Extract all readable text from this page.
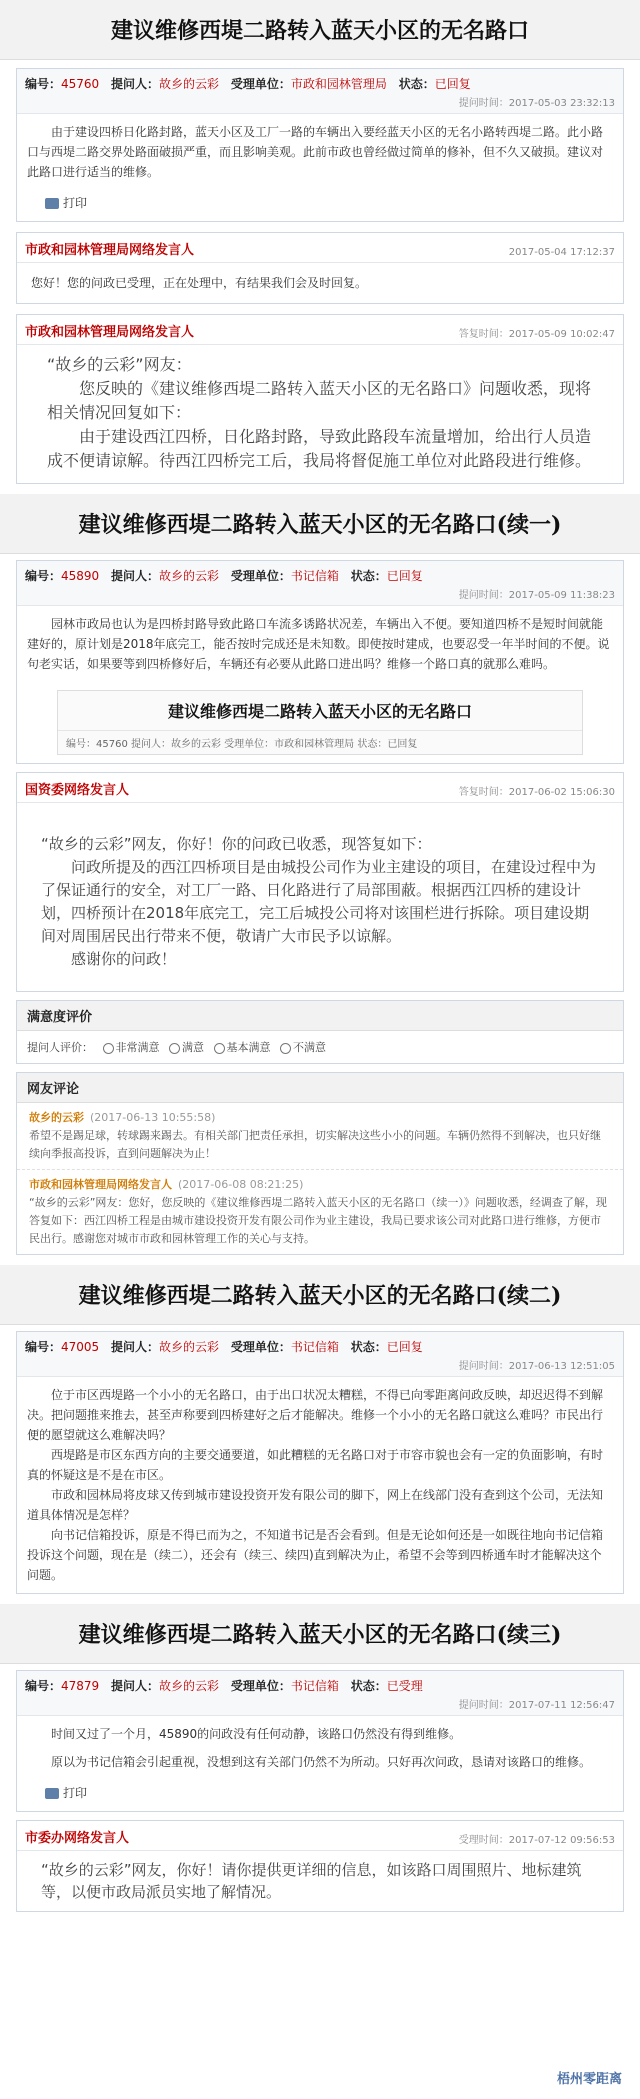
建议维修西堤二路转入蓝天小区的无名路口
编号：45760 提问人：故乡的云彩 受理单位：市政和园林管理局 状态：已回复
提问时间：2017-05-03 23:32:13
由于建设四桥日化路封路，蓝天小区及工厂一路的车辆出入要经蓝天小区的无名小路转西堤二路。此小路口与西堤二路交界处路面破损严重，而且影响美观。此前市政也曾经做过简单的修补，但不久又破损。建议对此路口进行适当的维修。
打印
市政和园林管理局网络发言人	2017-05-04 17:12:37
您好！您的问政已受理，正在处理中，有结果我们会及时回复。
市政和园林管理局网络发言人	答复时间：2017-05-09 10:02:47

“故乡的云彩”网友：

您反映的《建议维修西堤二路转入蓝天小区的无名路口》问题收悉，现将相关情况回复如下：

由于建设西江四桥，日化路封路，导致此路段车流量增加，给出行人员造成不便请谅解。待西江四桥完工后，我局将督促施工单位对此路段进行维修。

建议维修西堤二路转入蓝天小区的无名路口(续一)
编号：45890 提问人：故乡的云彩 受理单位：书记信箱 状态：已回复
提问时间：2017-05-09 11:38:23
园林市政局也认为是四桥封路导致此路口车流多诱路状况差，车辆出入不便。要知道四桥不是短时间就能建好的，原计划是2018年底完工，能否按时完成还是未知数。即使按时建成，也要忍受一年半时间的不便。说句老实话，如果要等到四桥修好后，车辆还有必要从此路口进出吗？维修一个路口真的就那么难吗。
建议维修西堤二路转入蓝天小区的无名路口
编号：45760 提问人：故乡的云彩 受理单位：市政和园林管理局 状态：已回复
国资委网络发言人	答复时间：2017-06-02 15:06:30

“故乡的云彩”网友，你好！你的问政已收悉，现答复如下：

问政所提及的西江四桥项目是由城投公司作为业主建设的项目，在建设过程中为了保证通行的安全，对工厂一路、日化路进行了局部围蔽。根据西江四桥的建设计划，四桥预计在2018年底完工，完工后城投公司将对该围栏进行拆除。项目建设期间对周围居民出行带来不便，敬请广大市民予以谅解。

感谢你的问政！

满意度评价
提问人评价： 非常满意 满意 基本满意 不满意
网友评论
故乡的云彩 (2017-06-13 10:55:58)
希望不是踢足球，转球踢来踢去。有相关部门把责任承担，切实解决这些小小的问题。车辆仍然得不到解决，也只好继续向季报高投诉，直到问题解决为止！
市政和园林管理局网络发言人 (2017-06-08 08:21:25)
“故乡的云彩”网友：您好，您反映的《建议维修西堤二路转入蓝天小区的无名路口（续一）》问题收悉，经调查了解，现答复如下：西江四桥工程是由城市建设投资开发有限公司作为业主建设，我局已要求该公司对此路口进行维修，方便市民出行。感谢您对城市市政和园林管理工作的关心与支持。
建议维修西堤二路转入蓝天小区的无名路口(续二)
编号：47005 提问人：故乡的云彩 受理单位：书记信箱 状态：已回复
提问时间：2017-06-13 12:51:05
位于市区西堤路一个小小的无名路口，由于出口状况太糟糕，不得已向零距离问政反映，却迟迟得不到解决。把问题推来推去，甚至声称要到四桥建好之后才能解决。维修一个小小的无名路口就这么难吗？市民出行便的愿望就这么难解决吗？
西堤路是市区东西方向的主要交通要道，如此糟糕的无名路口对于市容市貌也会有一定的负面影响，有时真的怀疑这是不是在市区。
市政和园林局将皮球又传到城市建设投资开发有限公司的脚下，网上在线部门没有查到这个公司，无法知道具体情况是怎样？
向书记信箱投诉，原是不得已而为之，不知道书记是否会看到。但是无论如何还是一如既往地向书记信箱投诉这个问题，现在是（续二），还会有（续三、续四)直到解决为止，希望不会等到四桥通车时才能解决这个问题。
建议维修西堤二路转入蓝天小区的无名路口(续三)
编号：47879 提问人：故乡的云彩 受理单位：书记信箱 状态：已受理
提问时间：2017-07-11 12:56:47
时间又过了一个月，45890的问政没有任何动静，该路口仍然没有得到维修。
原以为书记信箱会引起重视，没想到这有关部门仍然不为所动。只好再次问政，恳请对该路口的维修。
打印
市委办网络发言人	受理时间：2017-07-12 09:56:53
“故乡的云彩”网友，你好！请你提供更详细的信息，如该路口周围照片、地标建筑等，以便市政局派员实地了解情况。
梧州零距离
